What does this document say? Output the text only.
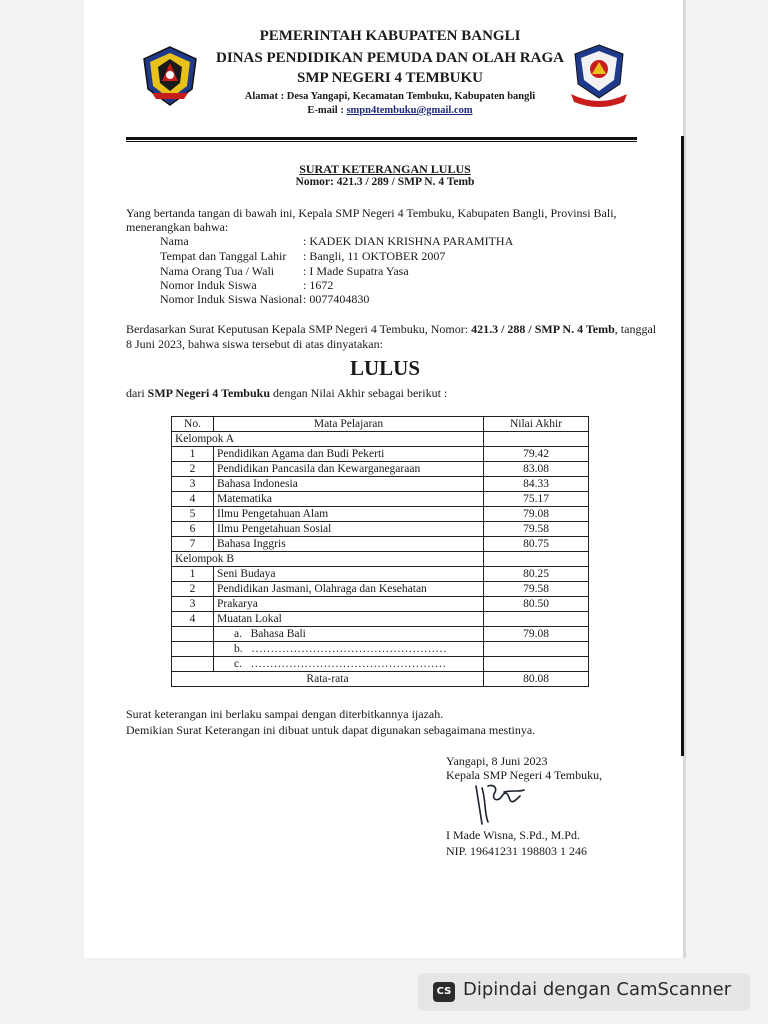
PEMERINTAH KABUPATEN BANGLI
DINAS PENDIDIKAN PEMUDA DAN OLAH RAGA
SMP NEGERI 4 TEMBUKU
Alamat : Desa Yangapi, Kecamatan Tembuku, Kabupaten bangli
E-mail : smpn4tembuku@gmail.com
SURAT KETERANGAN LULUS
Nomor: 421.3 / 289 / SMP N. 4 Temb
Yang bertanda tangan di bawah ini, Kepala SMP Negeri 4 Tembuku, Kabupaten Bangli, Provinsi Bali,
menerangkan bahwa:
Nama	: KADEK DIAN KRISHNA PARAMITHA
Tempat dan Tanggal Lahir : Bangli, 11 OKTOBER 2007
Nama Orang Tua / Wali : I Made Supatra Yasa
Nomor Induk Siswa	: 1672
Nomor Induk Siswa Nasional : 0077404830
Berdasarkan Surat Keputusan Kepala SMP Negeri 4 Tembuku, Nomor: 421.3 / 288 / SMP N. 4 Temb, tanggal
8 Juni 2023, bahwa siswa tersebut di atas dinyatakan:
LULUS
dari SMP Negeri 4 Tembuku dengan Nilai Akhir sebagai berikut :
No.	Mata Pelajaran	Nilai Akhir
Kelompok A		
1	Pendidikan Agama dan Budi Pekerti	79.42
2	Pendidikan Pancasila dan Kewarganegaraan	83.08
3	Bahasa Indonesia	84.33
4	Matematika	75.17
5	Ilmu Pengetahuan Alam	79.08
6	Ilmu Pengetahuan Sosial	79.58
7	Bahasa Inggris	80.75
Kelompok B		
1	Seni Budaya	80.25
2	Pendidikan Jasmani, Olahraga dan Kesehatan	79.58
3	Prakarya	80.50
4	Muatan Lokal	
	a. Bahasa Bali	79.08
	b. ……………………………………………	
	c. ……………………………………………	
Rata-rata		80.08
Surat keterangan ini berlaku sampai dengan diterbitkannya ijazah.
Demikian Surat Keterangan ini dibuat untuk dapat digunakan sebagaimana mestinya.
Yangapi, 8 Juni 2023
Kepala SMP Negeri 4 Tembuku,
I Made Wisna, S.Pd., M.Pd.
NIP. 19641231 198803 1 246
CS Dipindai dengan CamScanner
